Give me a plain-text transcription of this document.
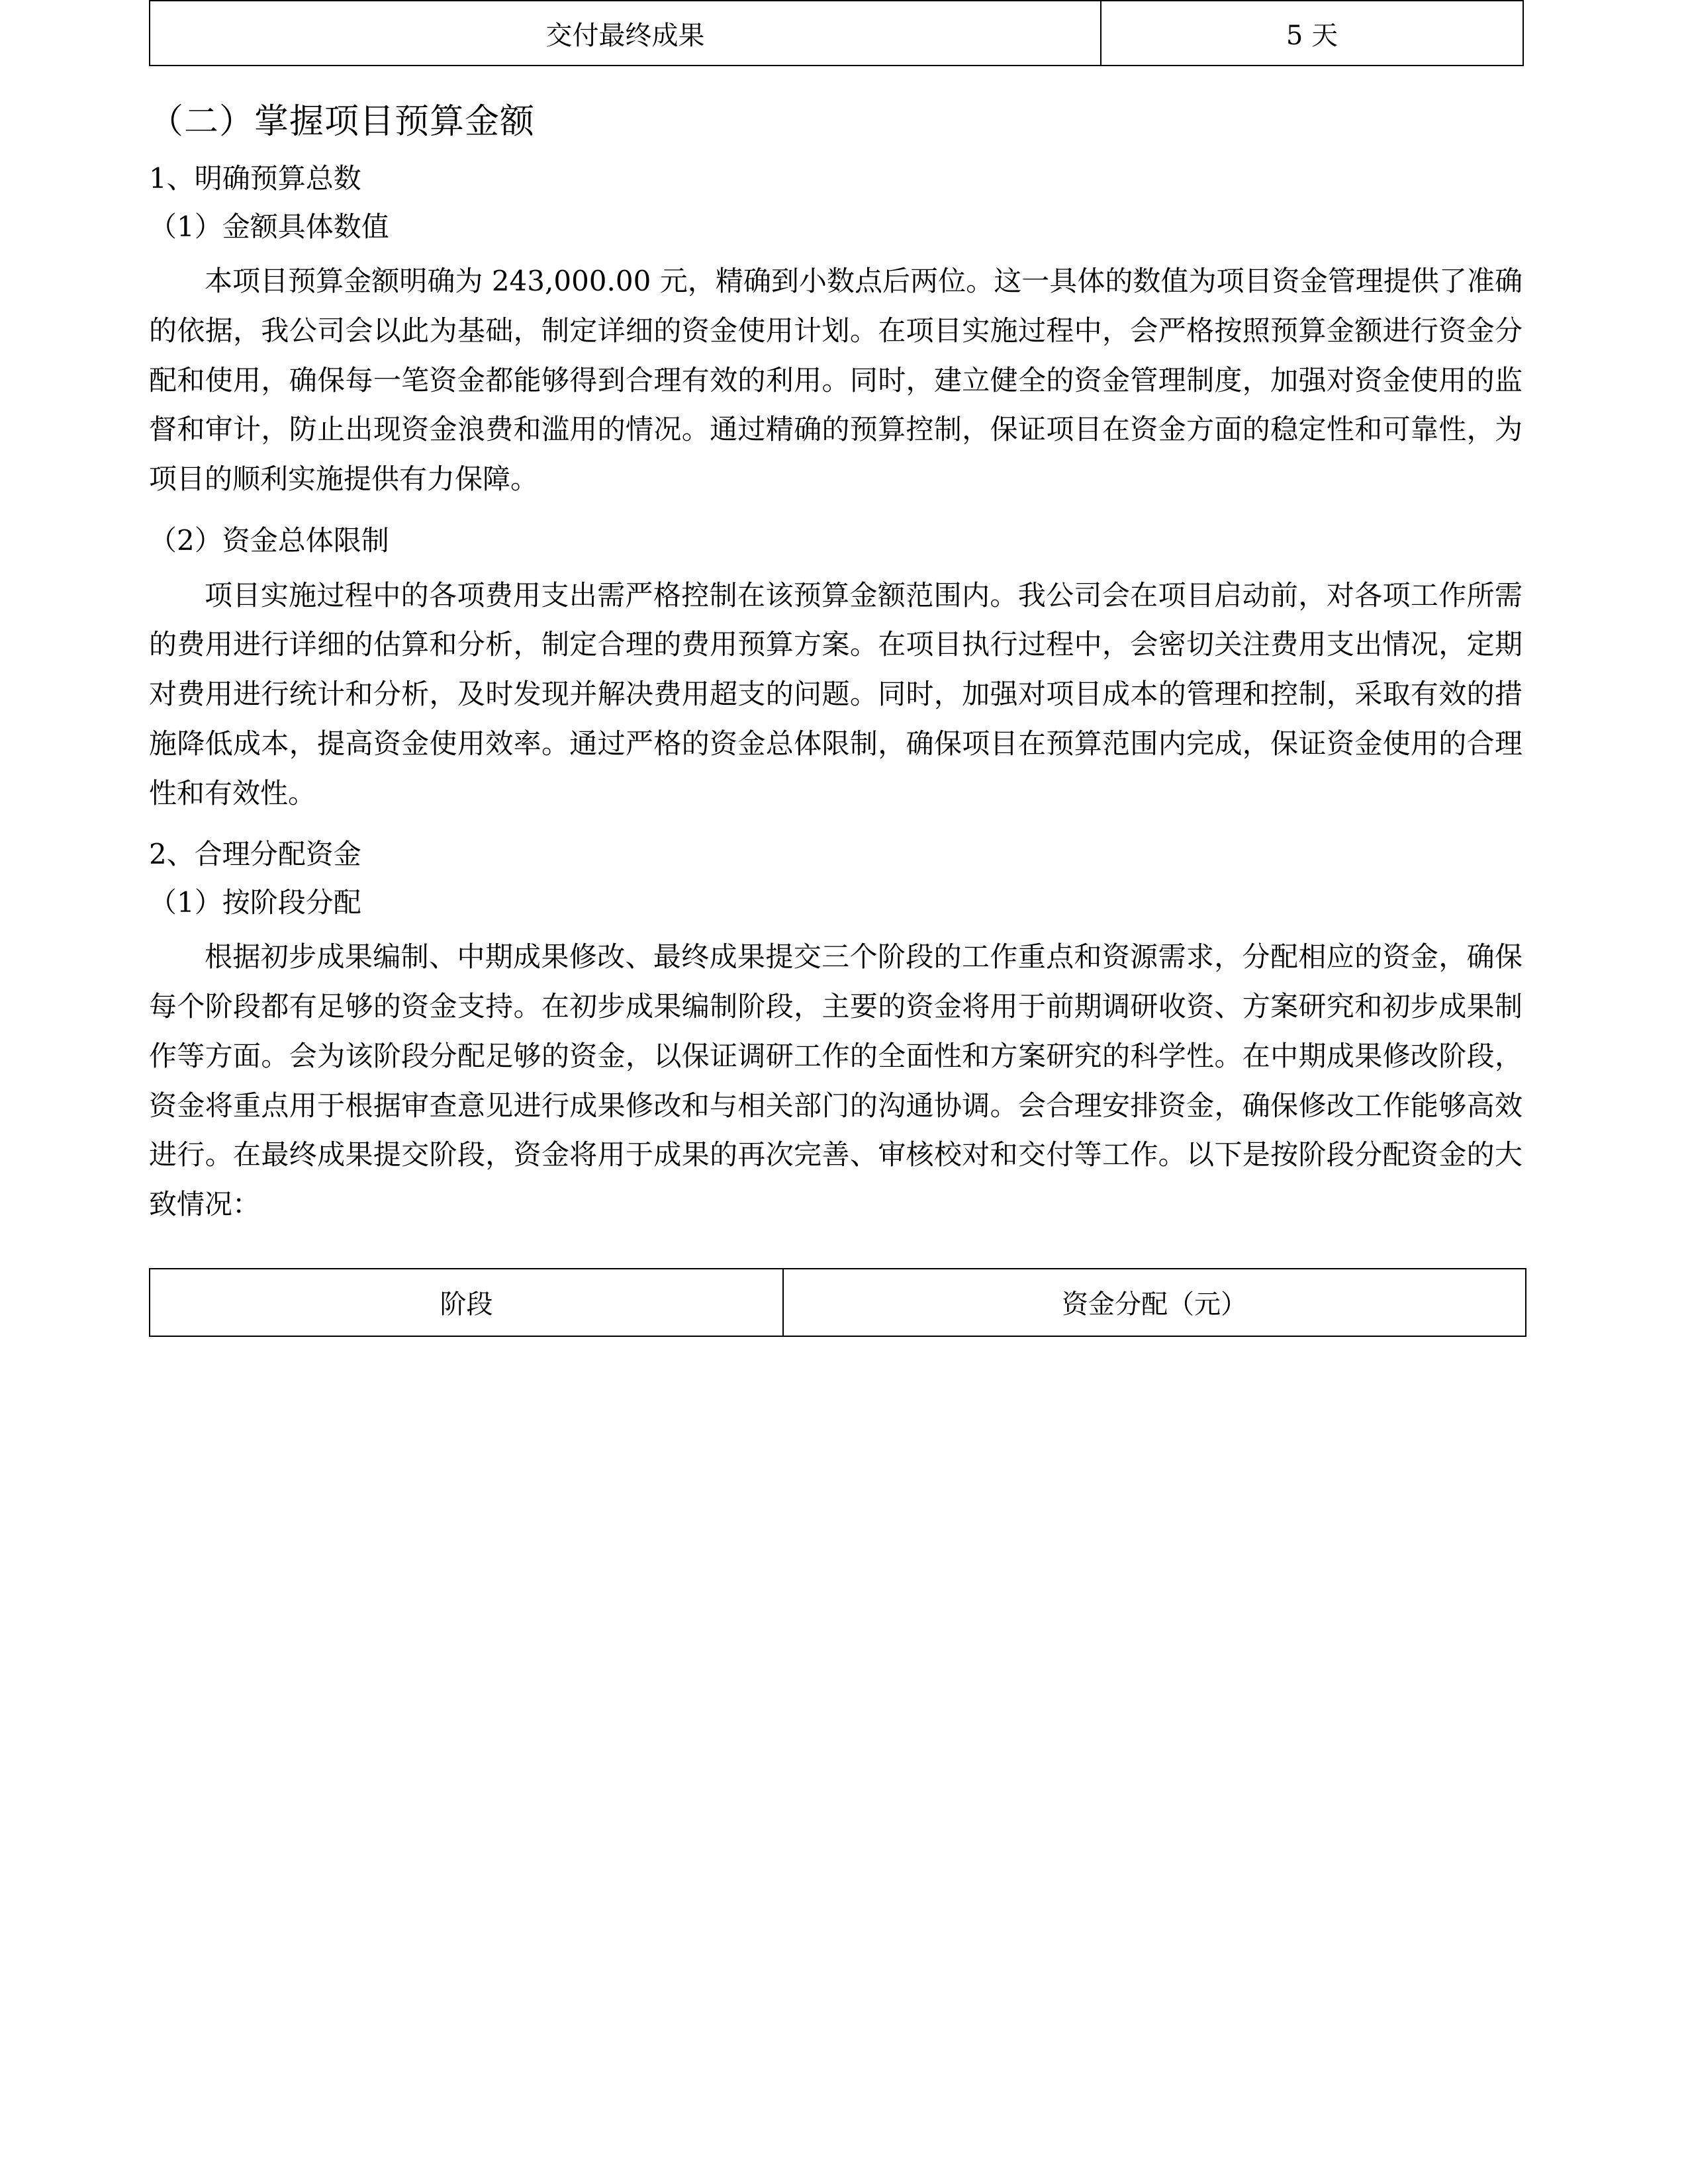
交付最终成果	5 天
（二）掌握项目预算金额
1、明确预算总数
（1）金额具体数值

本项目预算金额明确为 243,000.00 元，精确到小数点后两位。这一具体的数值为项目资金管理提供了准确的依据，我公司会以此为基础，制定详细的资金使用计划。在项目实施过程中，会严格按照预算金额进行资金分配和使用，确保每一笔资金都能够得到合理有效的利用。同时，建立健全的资金管理制度，加强对资金使用的监督和审计，防止出现资金浪费和滥用的情况。通过精确的预算控制，保证项目在资金方面的稳定性和可靠性，为项目的顺利实施提供有力保障。

（2）资金总体限制

项目实施过程中的各项费用支出需严格控制在该预算金额范围内。我公司会在项目启动前，对各项工作所需的费用进行详细的估算和分析，制定合理的费用预算方案。在项目执行过程中，会密切关注费用支出情况，定期对费用进行统计和分析，及时发现并解决费用超支的问题。同时，加强对项目成本的管理和控制，采取有效的措施降低成本，提高资金使用效率。通过严格的资金总体限制，确保项目在预算范围内完成，保证资金使用的合理性和有效性。

2、合理分配资金
（1）按阶段分配

根据初步成果编制、中期成果修改、最终成果提交三个阶段的工作重点和资源需求，分配相应的资金，确保每个阶段都有足够的资金支持。在初步成果编制阶段，主要的资金将用于前期调研收资、方案研究和初步成果制作等方面。会为该阶段分配足够的资金，以保证调研工作的全面性和方案研究的科学性。在中期成果修改阶段，资金将重点用于根据审查意见进行成果修改和与相关部门的沟通协调。会合理安排资金，确保修改工作能够高效进行。在最终成果提交阶段，资金将用于成果的再次完善、审核校对和交付等工作。以下是按阶段分配资金的大致情况：

阶段	资金分配（元）
